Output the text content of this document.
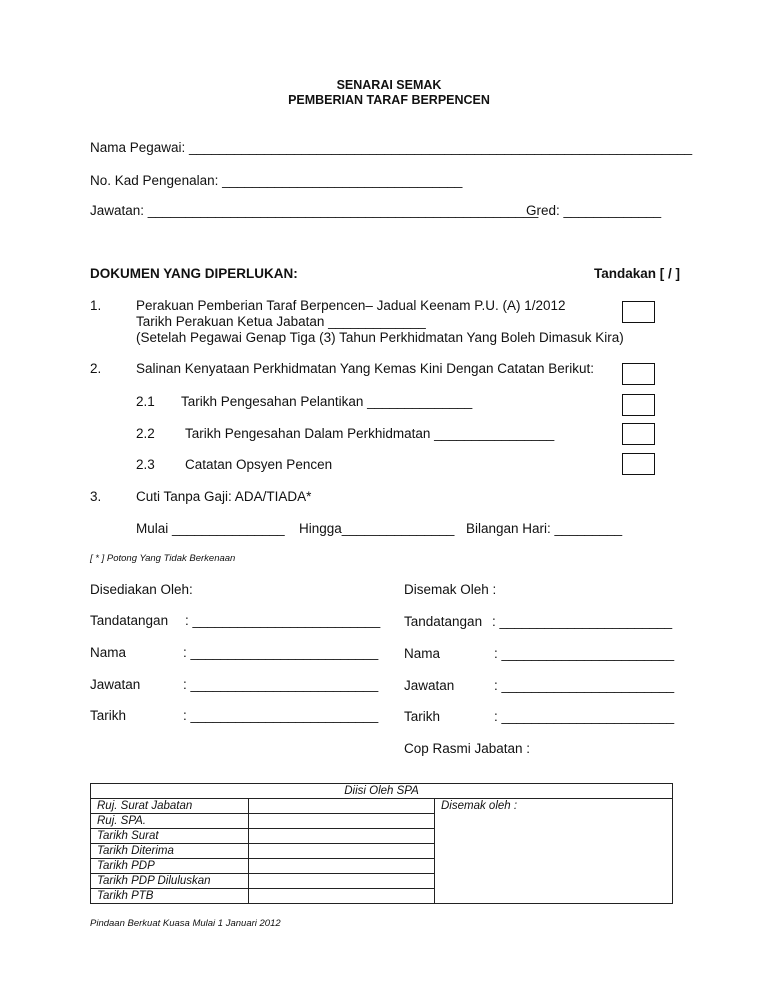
SENARAI SEMAK
PEMBERIAN TARAF BERPENCEN
Nama Pegawai: ___________________________________________________________________
No. Kad Pengenalan: ________________________________
Jawatan: ____________________________________________________
Gred: _____________
DOKUMEN YANG DIPERLUKAN:	Tandakan [ / ]
1.	Perakuan Pemberian Taraf Berpencen– Jadual Keenam P.U. (A) 1/2012
Tarikh Perakuan Ketua Jabatan _____________
(Setelah Pegawai Genap Tiga (3) Tahun Perkhidmatan Yang Boleh Dimasuk Kira)
2.	Salinan Kenyataan Perkhidmatan Yang Kemas Kini Dengan Catatan Berikut:
2.1 Tarikh Pengesahan Pelantikan ______________
2.2 Tarikh Pengesahan Dalam Perkhidmatan ________________
2.3 Catatan Opsyen Pencen
3.	Cuti Tanpa Gaji: ADA/TIADA*
Mulai _______________ Hingga_______________ Bilangan Hari: _________
[ * ] Potong Yang Tidak Berkenaan
Disediakan Oleh:
Tandatangan : _________________________
Nama	: _________________________
Jawatan	: _________________________
Tarikh	: _________________________
Disemak Oleh :
Tandatangan : _______________________
Nama	: _______________________
Jawatan	: _______________________
Tarikh	: _______________________
Cop Rasmi Jabatan :
Diisi Oleh SPA		
Ruj. Surat Jabatan		Disemak oleh :
Ruj. SPA.		
Tarikh Surat		
Tarikh Diterima		
Tarikh PDP		
Tarikh PDP Diluluskan		
Tarikh PTB		
Pindaan Berkuat Kuasa Mulai 1 Januari 2012
